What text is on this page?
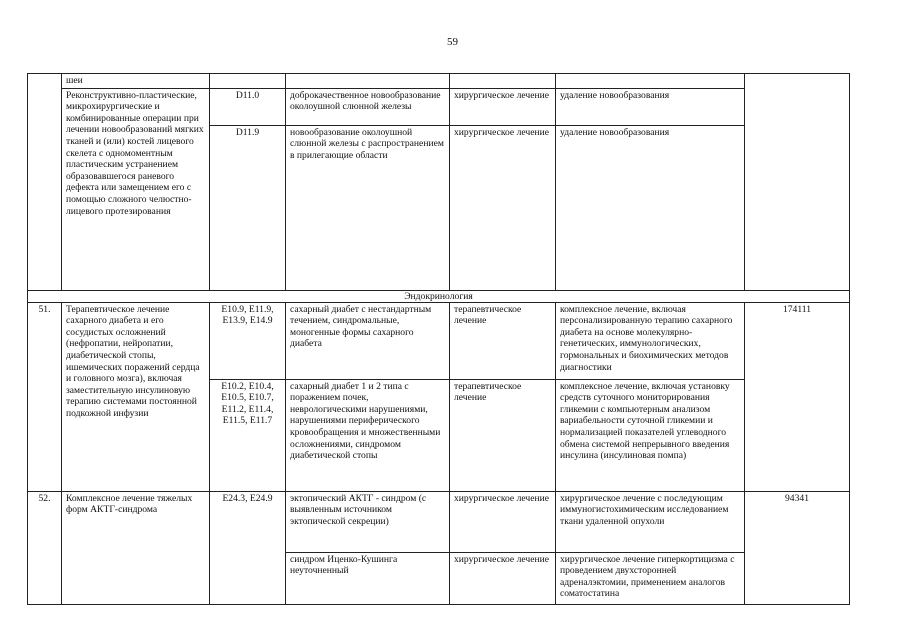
59
	шеи					
	Реконструктивно-пластические, микрохирургические и комбинированные операции при лечении новообразований мягких тканей и (или) костей лицевого скелета с одномоментным пластическим устранением образовавшегося раневого дефекта или замещением его с помощью сложного челюстно-лицевого протезирования	D11.0	доброкачественное новообразование околоушной слюнной железы	хирургическое лечение	удаление новообразования	
		D11.9	новообразование околоушной слюнной железы с распространением в прилегающие области	хирургическое лечение	удаление новообразования	
Эндокринология						
51.	Терапевтическое лечение сахарного диабета и его сосудистых осложнений (нефропатии, нейропатии, диабетической стопы, ишемических поражений сердца и головного мозга), включая заместительную инсулиновую терапию системами постоянной подкожной инфузии	E10.9, E11.9, E13.9, E14.9	сахарный диабет с нестандартным течением, синдромальные, моногенные формы сахарного диабета	терапевтическое лечение	комплексное лечение, включая персонализированную терапию сахарного диабета на основе молекулярно-генетических, иммунологических, гормональных и биохимических методов диагностики	174111
		E10.2, E10.4, E10.5, E10.7, E11.2, E11.4, E11.5, E11.7	сахарный диабет 1 и 2 типа с поражением почек, неврологическими нарушениями, нарушениями периферического кровообращения и множественными осложнениями, синдромом диабетической стопы	терапевтическое лечение	комплексное лечение, включая установку средств суточного мониторирования гликемии с компьютерным анализом вариабельности суточной гликемии и нормализацией показателей углеводного обмена системой непрерывного введения инсулина (инсулиновая помпа)	
52.	Комплексное лечение тяжелых форм АКТГ-синдрома	E24.3, E24.9	эктопический АКТГ - синдром (с выявленным источником эктопической секреции)	хирургическое лечение	хирургическое лечение с последующим иммуногистохимическим исследованием ткани удаленной опухоли	94341
			синдром Иценко-Кушинга неуточненный	хирургическое лечение	хирургическое лечение гиперкортицизма с проведением двухсторонней адреналэктомии, применением аналогов соматостатина	
